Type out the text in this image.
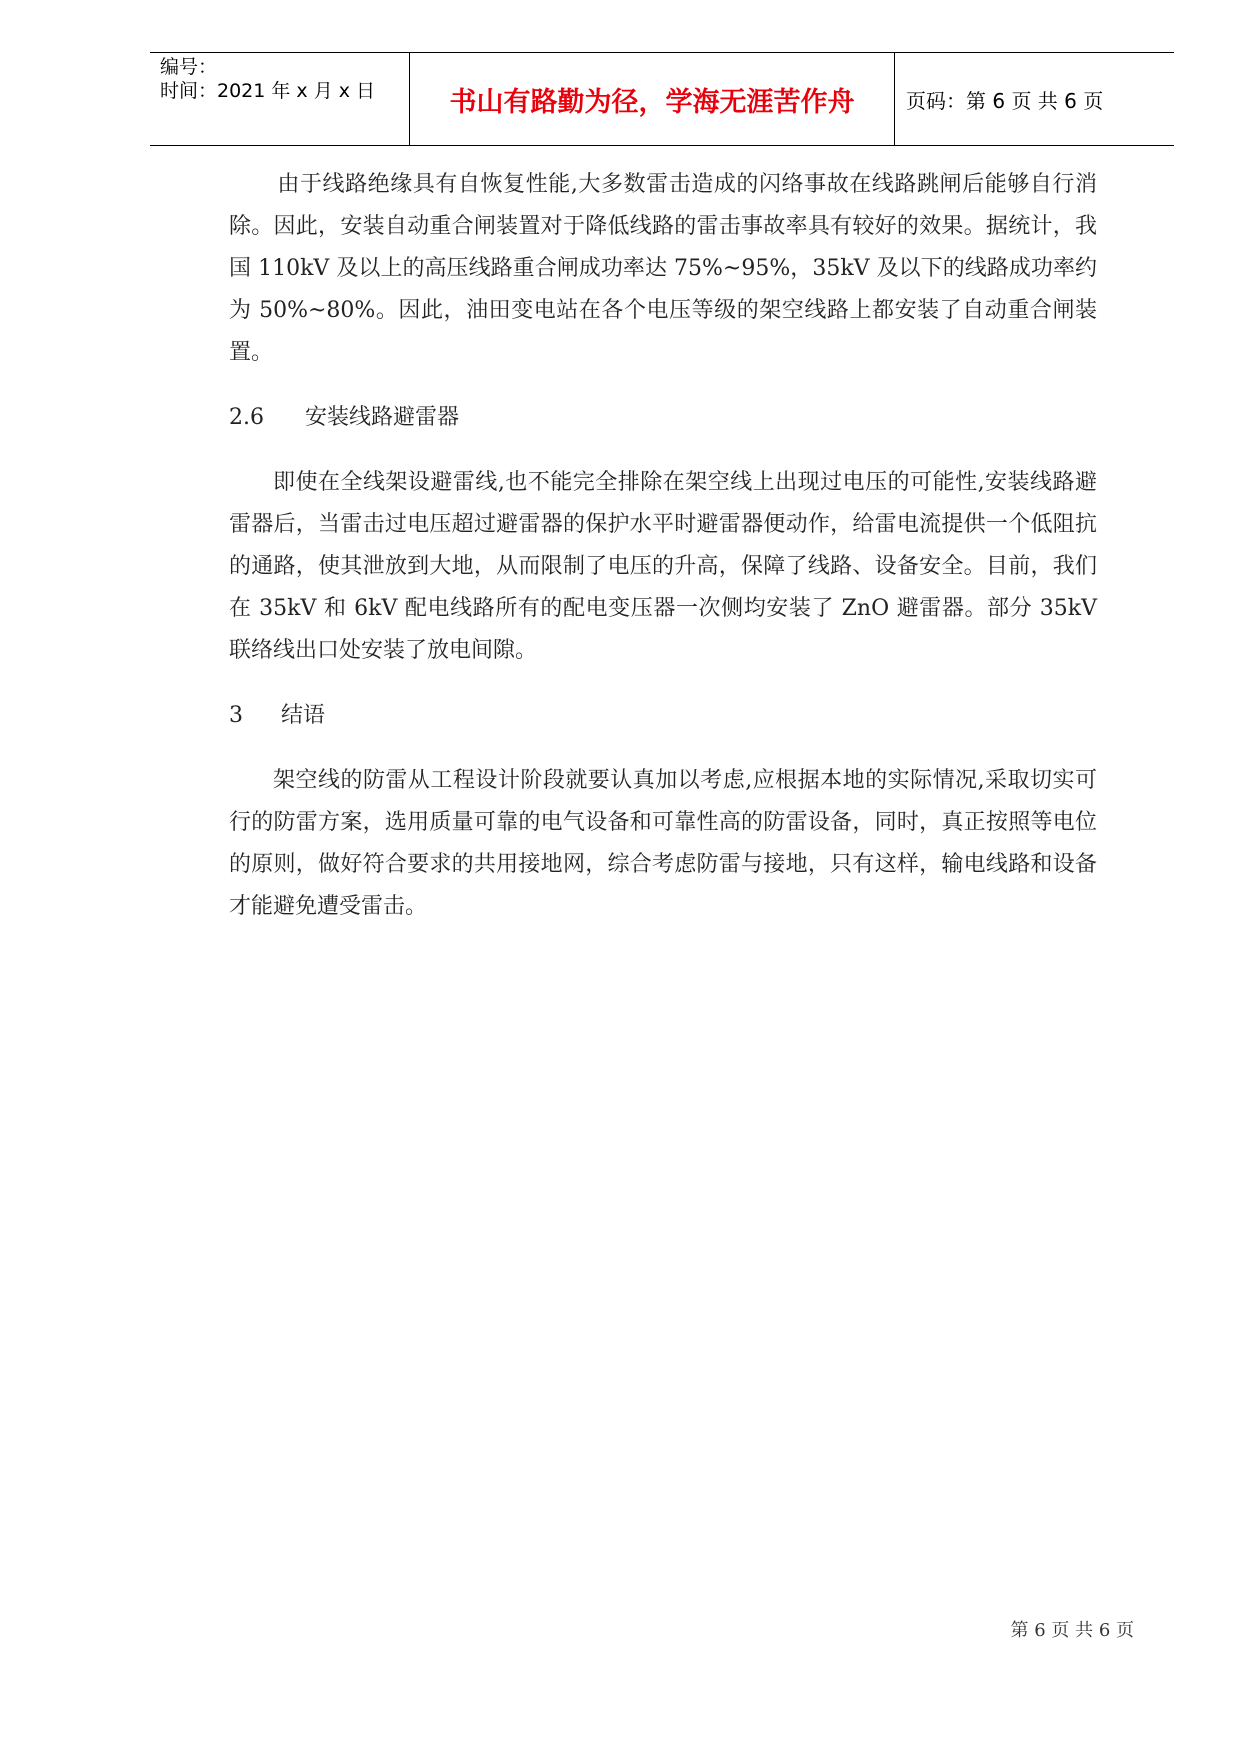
编号：
时间：2021 年 x 月 x 日	书山有路勤为径，学海无涯苦作舟	页码：第 6 页 共 6 页

由于线路绝缘具有自恢复性能,大多数雷击造成的闪络事故在线路跳闸后能够自行消除。因此，安装自动重合闸装置对于降低线路的雷击事故率具有较好的效果。据统计，我国 110kV 及以上的高压线路重合闸成功率达 75%~95%，35kV 及以下的线路成功率约为 50%~80%。因此，油田变电站在各个电压等级的架空线路上都安装了自动重合闸装置。

2.6 安装线路避雷器

即使在全线架设避雷线,也不能完全排除在架空线上出现过电压的可能性,安装线路避雷器后，当雷击过电压超过避雷器的保护水平时避雷器便动作，给雷电流提供一个低阻抗的通路，使其泄放到大地，从而限制了电压的升高，保障了线路、设备安全。目前，我们在 35kV 和 6kV 配电线路所有的配电变压器一次侧均安装了 ZnO 避雷器。部分 35kV 联络线出口处安装了放电间隙。

3 结语

架空线的防雷从工程设计阶段就要认真加以考虑,应根据本地的实际情况,采取切实可行的防雷方案，选用质量可靠的电气设备和可靠性高的防雷设备，同时，真正按照等电位的原则，做好符合要求的共用接地网，综合考虑防雷与接地，只有这样，输电线路和设备才能避免遭受雷击。

第 6 页 共 6 页
